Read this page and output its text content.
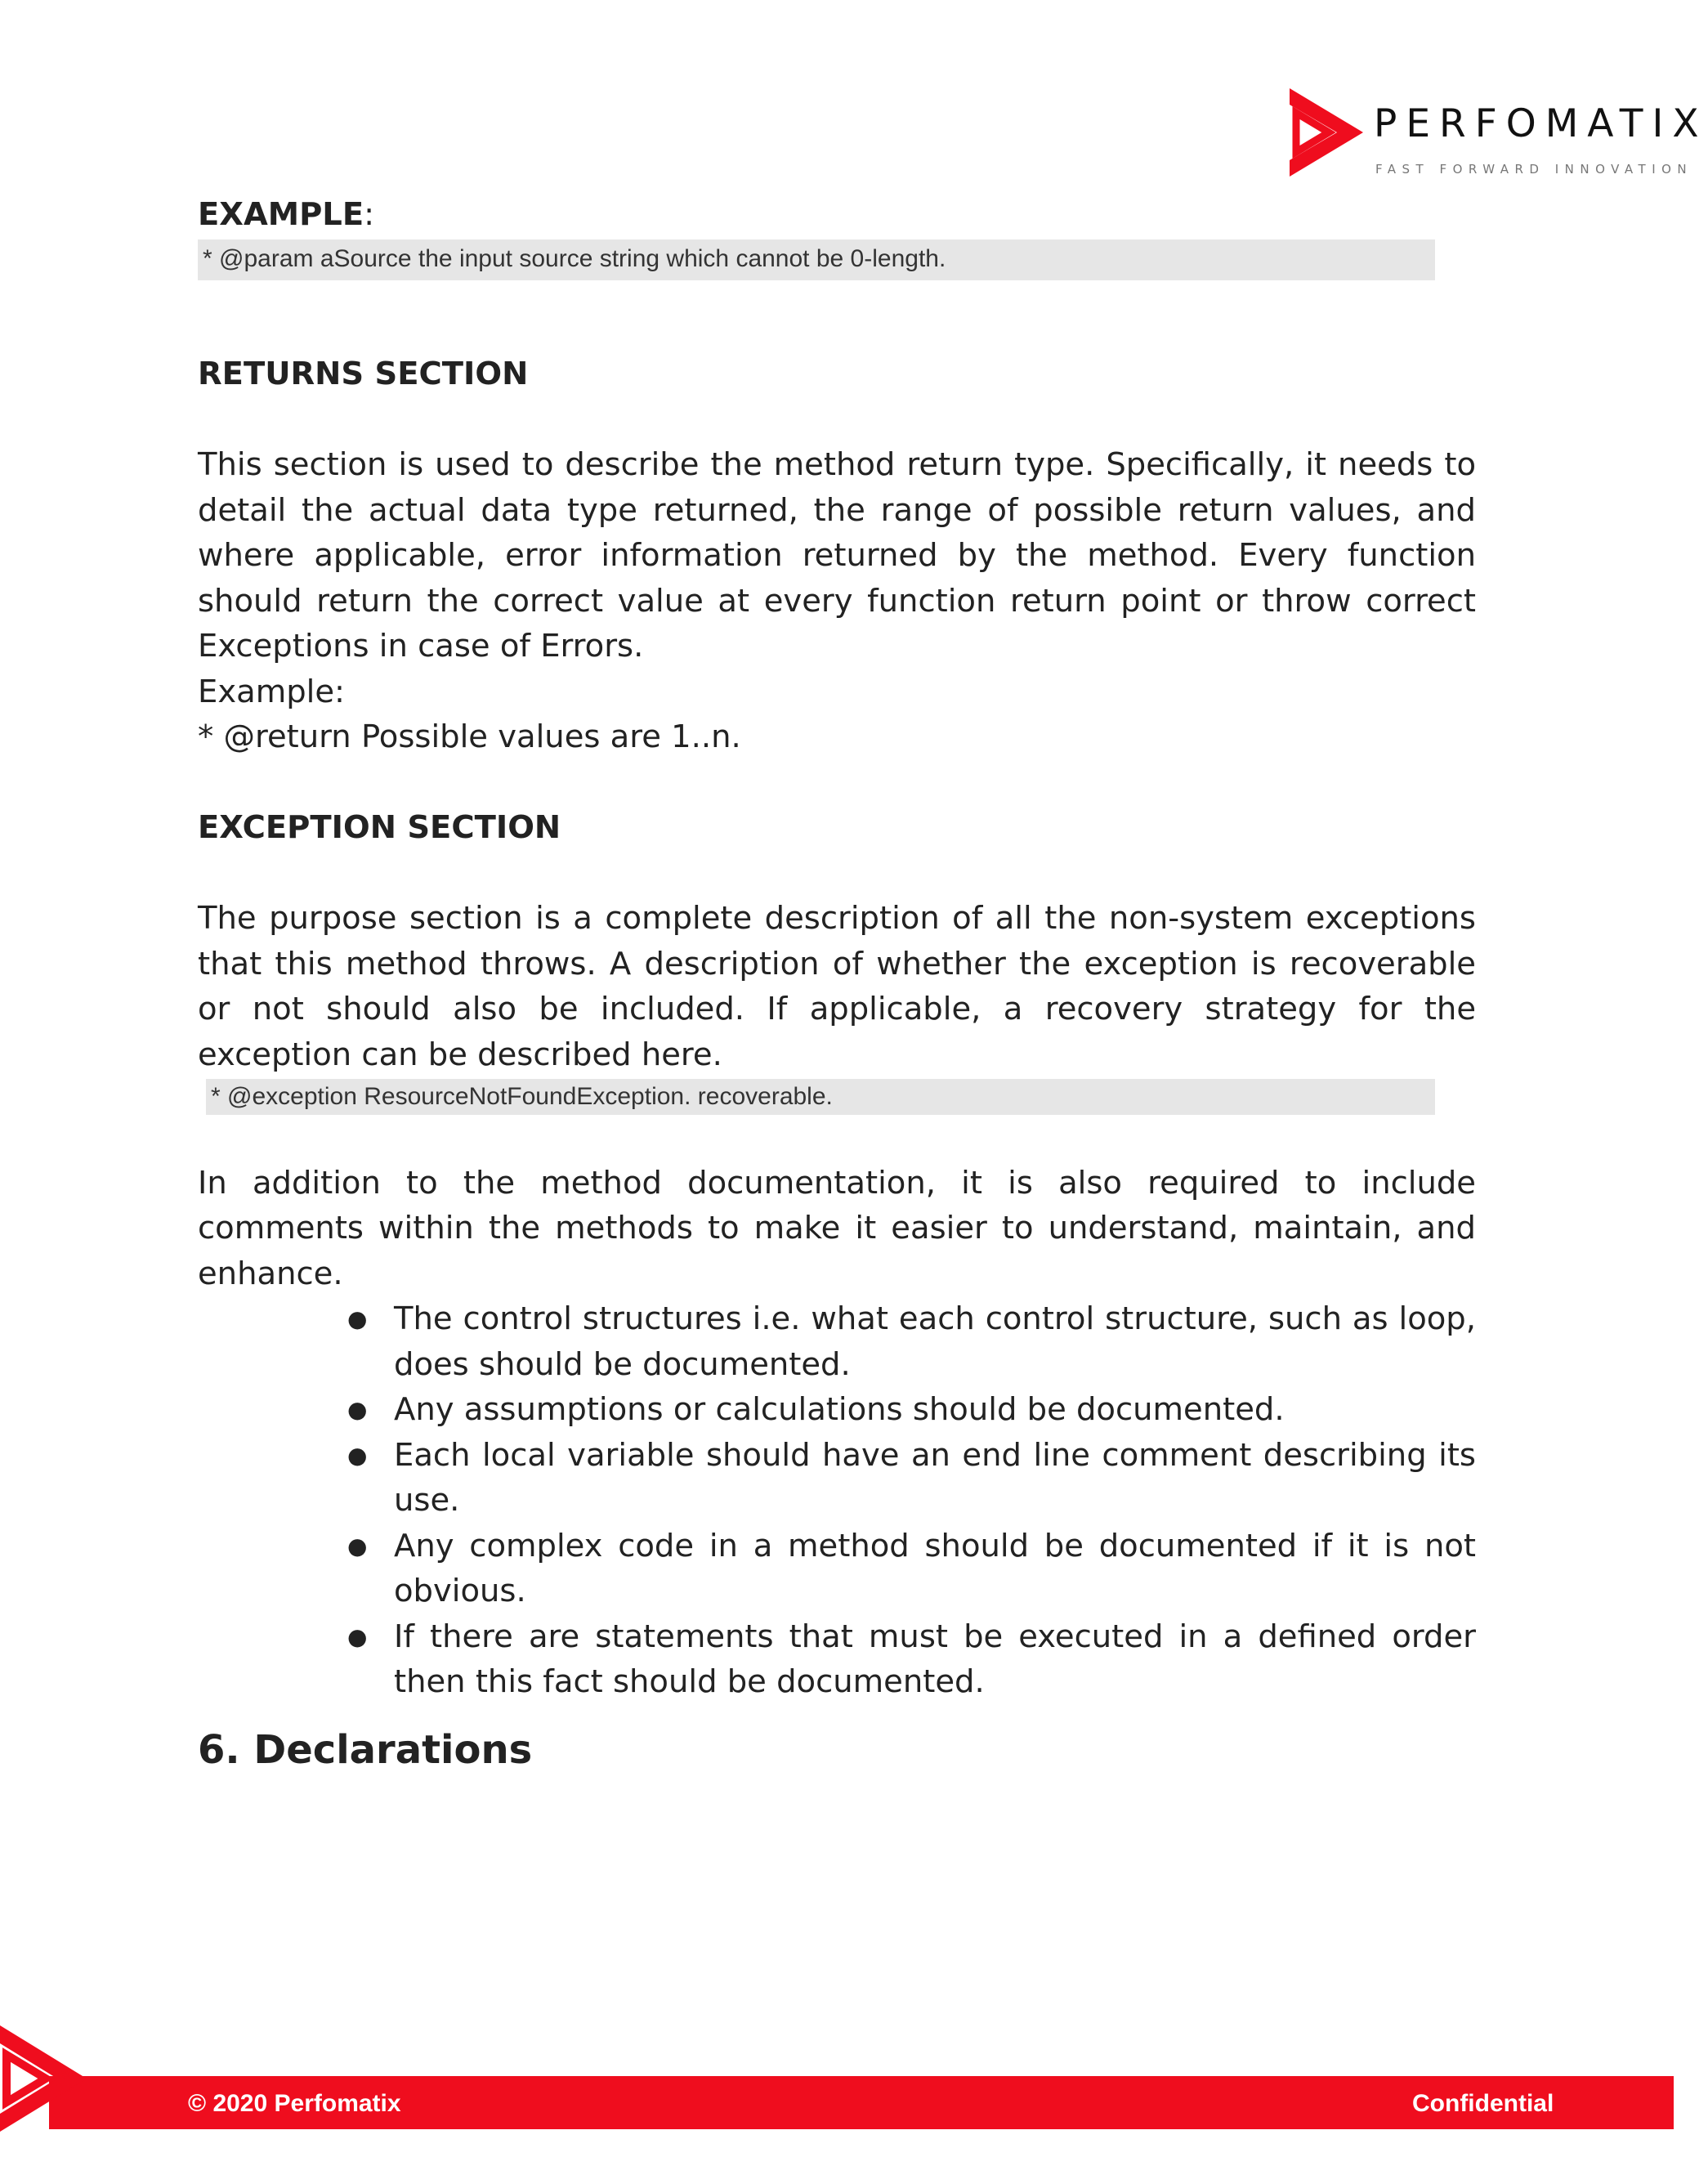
PERFOMATIX
FAST FORWARD INNOVATION

EXAMPLE:

* @param aSource the input source string which cannot be 0-length.

RETURNS SECTION

This section is used to describe the method return type. Specifically, it needs to detail the actual data type returned, the range of possible return values, and where applicable, error information returned by the method. Every function should return the correct value at every function return point or throw correct Exceptions in case of Errors.

Example:

* @return Possible values are 1..n.

EXCEPTION SECTION

The purpose section is a complete description of all the non-system exceptions that this method throws. A description of whether the exception is recoverable or not should also be included. If applicable, a recovery strategy for the exception can be described here.

* @exception ResourceNotFoundException. recoverable.

In addition to the method documentation, it is also required to include comments within the methods to make it easier to understand, maintain, and enhance.

● The control structures i.e. what each control structure, such as loop, does should be documented.
● Any assumptions or calculations should be documented.
● Each local variable should have an end line comment describing its use.
● Any complex code in a method should be documented if it is not obvious.
● If there are statements that must be executed in a defined order then this fact should be documented.

6. Declarations

© 2020 Perfomatix	Confidential
